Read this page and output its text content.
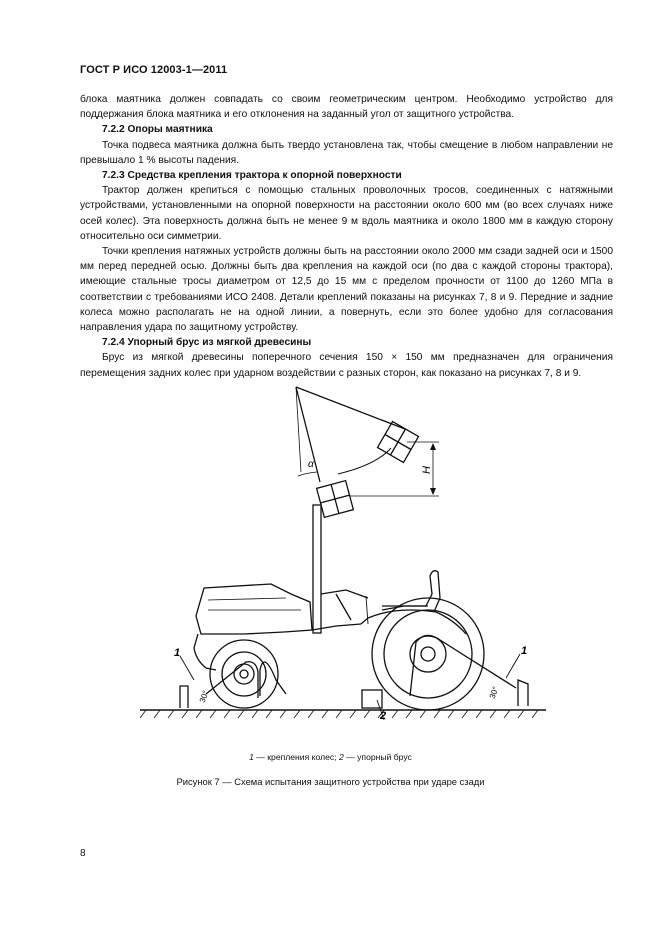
ГОСТ Р ИСО 12003-1—2011

блока маятника должен совпадать со своим геометрическим центром. Необходимо устройство для поддержания блока маятника и его отклонения на заданный угол от защитного устройства.

7.2.2 Опоры маятника

Точка подвеса маятника должна быть твердо установлена так, чтобы смещение в любом направлении не превышало 1 % высоты падения.

7.2.3 Средства крепления трактора к опорной поверхности

Трактор должен крепиться с помощью стальных проволочных тросов, соединенных с натяжными устройствами, установленными на опорной поверхности на расстоянии около 600 мм (во всех случаях ниже осей колес). Эта поверхность должна быть не менее 9 м вдоль маятника и около 1800 мм в каждую сторону относительно оси симметрии.

Точки крепления натяжных устройств должны быть на расстоянии около 2000 мм сзади задней оси и 1500 мм перед передней осью. Должны быть два крепления на каждой оси (по два с каждой стороны трактора), имеющие стальные тросы диаметром от 12,5 до 15 мм с пределом прочности от 1100 до 1260 МПа в соответствии с требованиями ИСО 2408. Детали креплений показаны на рисунках 7, 8 и 9. Передние и задние колеса можно располагать не на одной линии, а повернуть, если это более удобно для согласования направления удара по защитному устройству.

7.2.4 Упорный брус из мягкой древесины

Брус из мягкой древесины поперечного сечения 150 × 150 мм предназначен для ограничения перемещения задних колес при ударном воздействии с разных сторон, как показано на рисунках 7, 8 и 9.

α
H
1	1
2
30°	30°
1 — крепления колес; 2 — упорный брус
Рисунок 7 — Схема испытания защитного устройства при ударе сзади
8
